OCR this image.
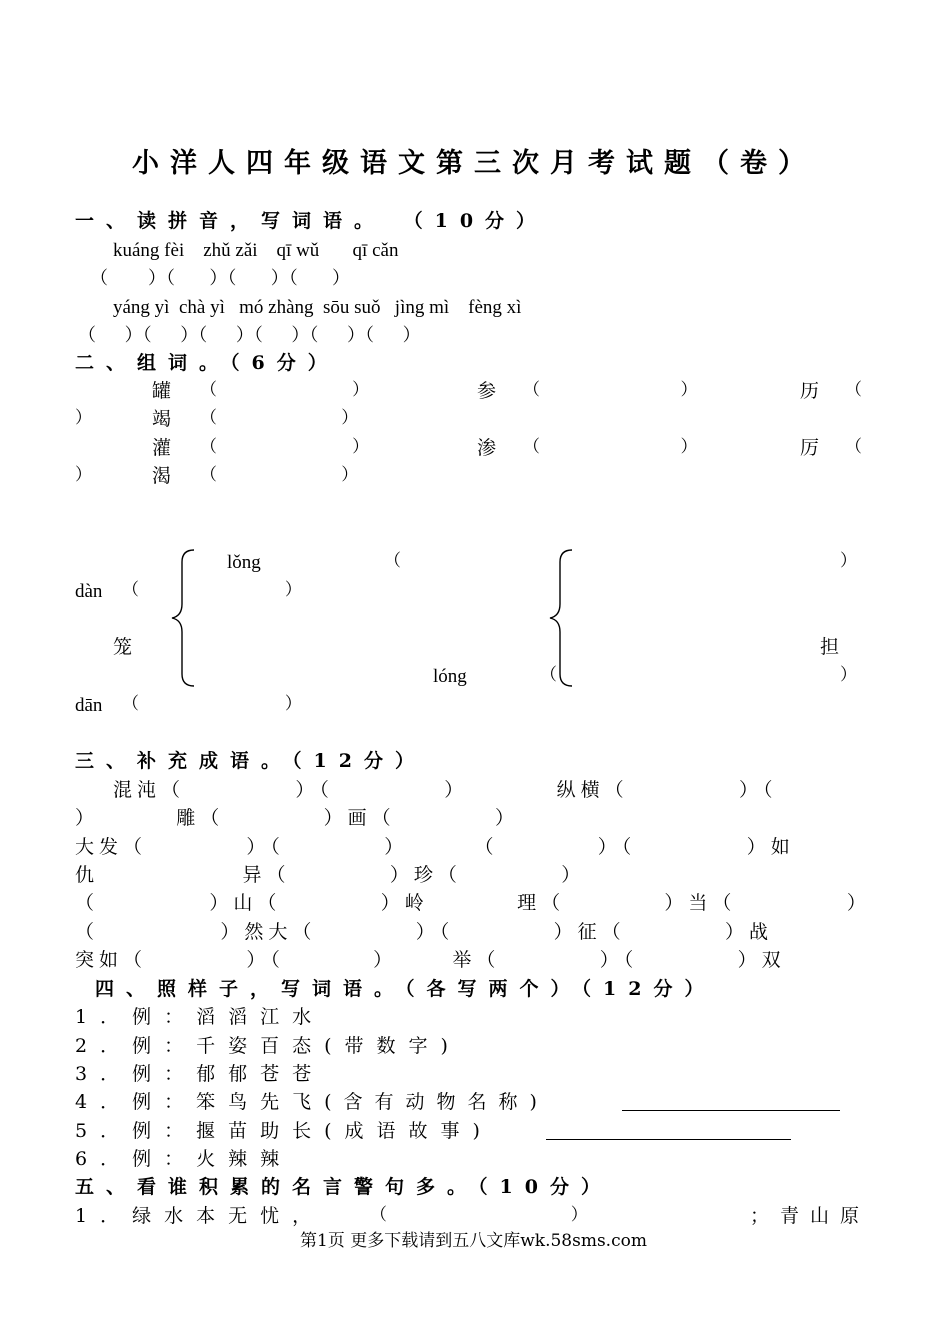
小洋人四年级语文第三次月考试题（卷）
一、读拼音，写词语。 （10分）
kuáng fèi    zhǔ zǎi    qī wǔ       qī cǎn
（       ）（      ）（      ）（      ）
yáng yì  chà yì   mó zhàng  sōu suǒ   jìng mì    fèng xì
（     ）（     ）（     ）（     ）（     ）（     ）
二、组词。（6分）
罐 （                         ）	参 （                          ）	历 （
）	竭 （                       ）
灌 （                         ）	渗 （                          ）	厉 （
）	渴 （                       ）
lǒng	（	）
dàn （                           ）
笼	担
lóng	（	）
dān （                           ）
三、补充成语。（12分）
混沌（          ）（          ）        纵横（          ）（
）       雕（         ）画（         ）
大发（         ）（         ）      （         ）（          ）如
仇             异（         ）珍（         ）
（          ）山（         ）岭        理（         ）当（          ）
（           ）然大（         ）（         ）征（         ）战
突如（         ）（        ）     举（         ）（         ）双
四、照样子，写词语。（各写两个）（12分）
1．例：滔滔江水
2．例：千姿百态(带数字)
3．例：郁郁苍苍
4．例：笨鸟先飞(含有动物名称)
5．例：揠苗助长(成语故事)
6．例：火辣辣
五、看谁积累的名言警句多。（10分）
1．绿水本无忧，	（                                  ）	；青山原
第1页 更多下载请到五八文库wk.58sms.com
